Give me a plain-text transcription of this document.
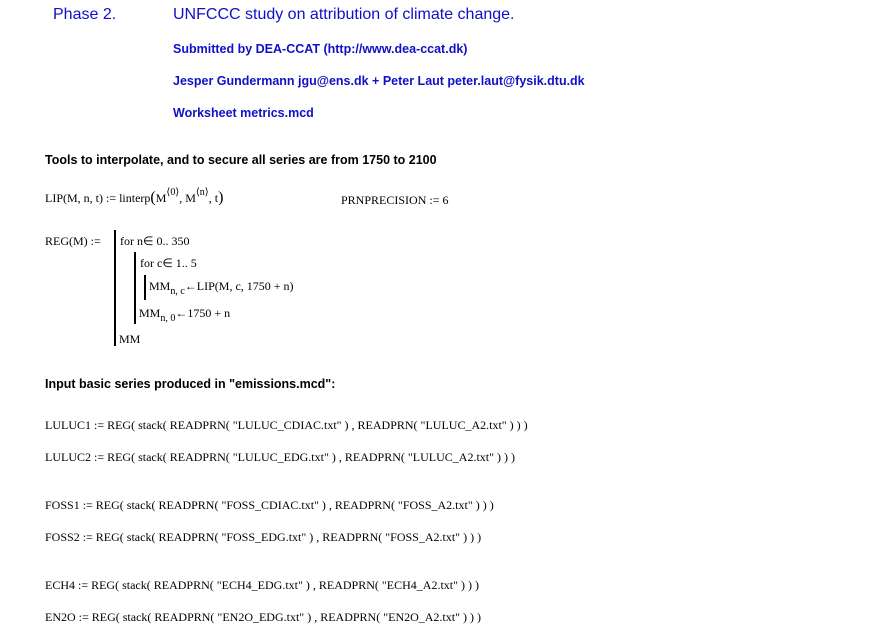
Phase 2.	UNFCCC study on attribution of climate change.
Submitted by DEA-CCAT (http://www.dea-ccat.dk)
Jesper Gundermann jgu@ens.dk + Peter Laut peter.laut@fysik.dtu.dk
Worksheet metrics.mcd
Tools to interpolate, and to secure all series are from 1750 to 2100
LIP(M, n, t) := $linterp(M^{⟨0⟩}$, $M^{⟨n⟩}$, t)	PRNPRECISION := 6
REG(M) := for n∈ 0.. 350
for c∈ 1.. 5
$MM_{n, c}\leftarrow LIP(M$, c, 1750 + n)
$MM_{n, 0}\leftarrow 1750 + n$
MM
Input basic series produced in "emissions.mcd":
LULUC1 := REG( stack( READPRN( "LULUC_CDIAC.txt" ) , READPRN( "LULUC_A2.txt" ) ) )
LULUC2 := REG( stack( READPRN( "LULUC_EDG.txt" ) , READPRN( "LULUC_A2.txt" ) ) )
FOSS1 := REG( stack( READPRN( "FOSS_CDIAC.txt" ) , READPRN( "FOSS_A2.txt" ) ) )
FOSS2 := REG( stack( READPRN( "FOSS_EDG.txt" ) , READPRN( "FOSS_A2.txt" ) ) )
ECH4 := REG( stack( READPRN( "ECH4_EDG.txt" ) , READPRN( "ECH4_A2.txt" ) ) )
EN2O := REG( stack( READPRN( "EN2O_EDG.txt" ) , READPRN( "EN2O_A2.txt" ) ) )
